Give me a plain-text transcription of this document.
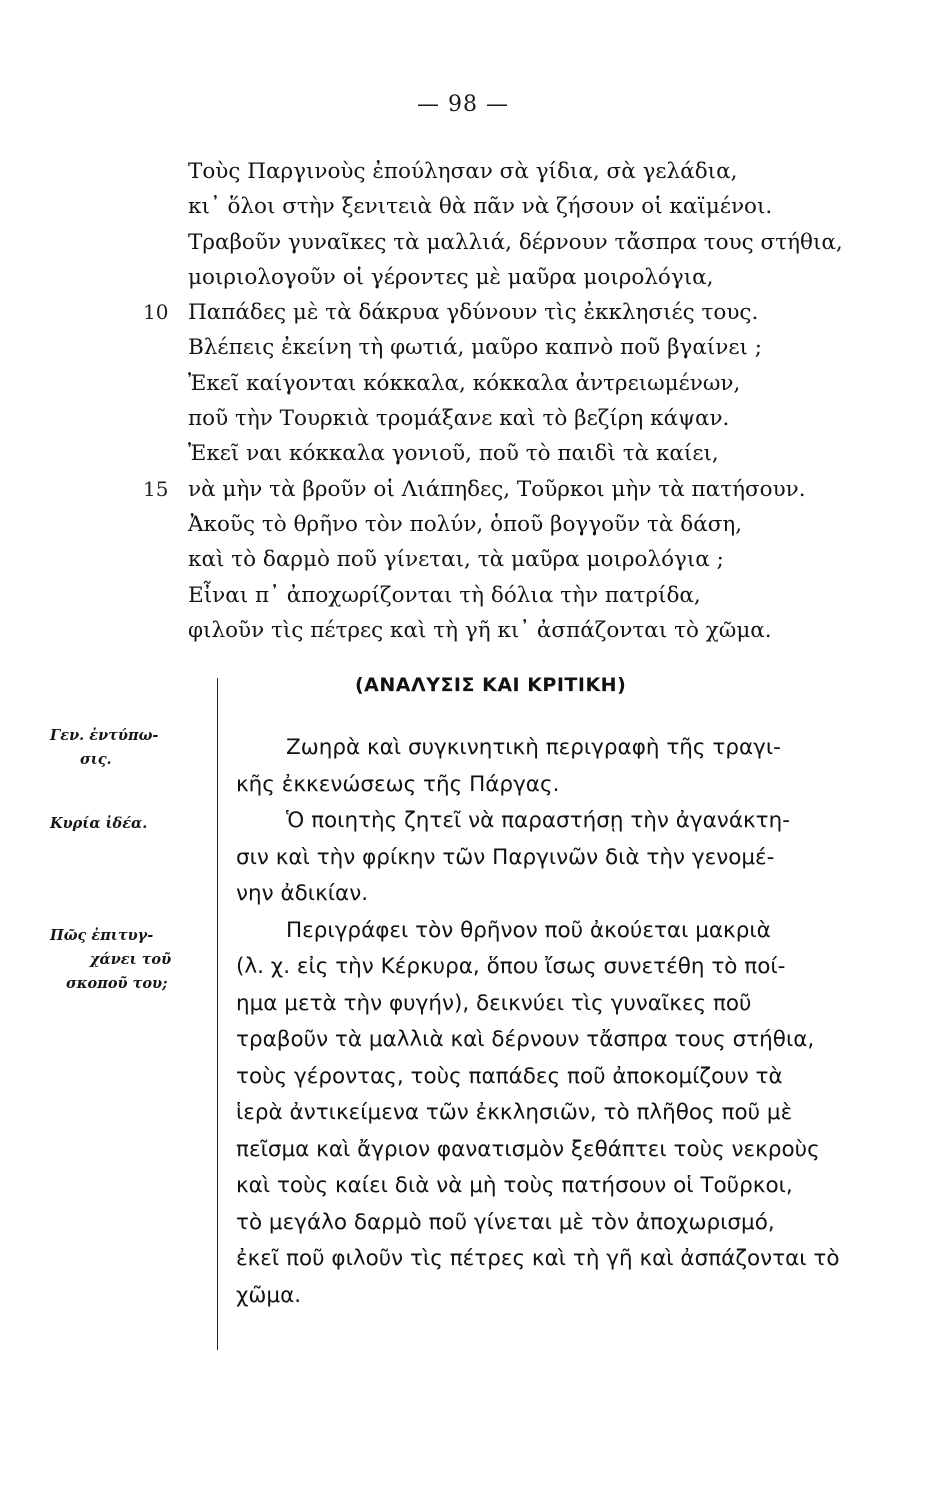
— 98 —
Τοὺς Παργινοὺς ἐπούλησαν σὰ γίδια, σὰ γελάδια,
κι᾽ ὅλοι στὴν ξενιτειὰ θὰ πᾶν νὰ ζήσουν οἱ καϊμένοι.
Τραβοῦν γυναῖκες τὰ μαλλιά, δέρνουν τἄσπρα τους στήθια,
μοιριολογοῦν οἱ γέροντες μὲ μαῦρα μοιρολόγια,
10 Παπάδες μὲ τὰ δάκρυα γδύνουν τὶς ἐκκλησιές τους.
Βλέπεις ἐκείνη τὴ φωτιά, μαῦρο καπνὸ ποῦ βγαίνει ;
Ἐκεῖ καίγονται κόκκαλα, κόκκαλα ἀντρειωμένων,
ποῦ τὴν Τουρκιὰ τρομάξανε καὶ τὸ βεζίρη κάψαν.
Ἐκεῖ ναι κόκκαλα γονιοῦ, ποῦ τὸ παιδὶ τὰ καίει,
15 νὰ μὴν τὰ βροῦν οἱ Λιάπηδες, Τοῦρκοι μὴν τὰ πατήσουν.
Ἀκοῦς τὸ θρῆνο τὸν πολύν, ὁποῦ βογγοῦν τὰ δάση,
καὶ τὸ δαρμὸ ποῦ γίνεται, τὰ μαῦρα μοιρολόγια ;
Εἶναι π᾽ ἀποχωρίζονται τὴ δόλια τὴν πατρίδα,
φιλοῦν τὶς πέτρες καὶ τὴ γῆ κι᾽ ἀσπάζονται τὸ χῶμα.
(ΑΝΑΛΥΣΙΣ ΚΑΙ ΚΡΙΤΙΚΗ)
Γεν. ἐντύπω-
σις.
Κυρία ἰδέα.
Πῶς ἐπιτυγ-
χάνει τοῦ
σκοποῦ του;
Ζωηρὰ καὶ συγκινητικὴ περιγραφὴ τῆς τραγι-
κῆς ἐκκενώσεως τῆς Πάργας.
Ὁ ποιητὴς ζητεῖ νὰ παραστήσῃ τὴν ἀγανάκτη-
σιν καὶ τὴν φρίκην τῶν Παργινῶν διὰ τὴν γενομέ-
νην ἀδικίαν.
Περιγράφει τὸν θρῆνον ποῦ ἀκούεται μακριὰ
(λ. χ. εἰς τὴν Κέρκυρα, ὅπου ἴσως συνετέθη τὸ ποί-
ημα μετὰ τὴν φυγήν), δεικνύει τὶς γυναῖκες ποῦ
τραβοῦν τὰ μαλλιὰ καὶ δέρνουν τἄσπρα τους στήθια,
τοὺς γέροντας, τοὺς παπάδες ποῦ ἀποκομίζουν τὰ
ἱερὰ ἀντικείμενα τῶν ἐκκλησιῶν, τὸ πλῆθος ποῦ μὲ
πεῖσμα καὶ ἄγριον φανατισμὸν ξεθάπτει τοὺς νεκροὺς
καὶ τοὺς καίει διὰ νὰ μὴ τοὺς πατήσουν οἱ Τοῦρκοι,
τὸ μεγάλο δαρμὸ ποῦ γίνεται μὲ τὸν ἀποχωρισμό,
ἐκεῖ ποῦ φιλοῦν τὶς πέτρες καὶ τὴ γῆ καὶ ἀσπάζονται τὸ
χῶμα.
